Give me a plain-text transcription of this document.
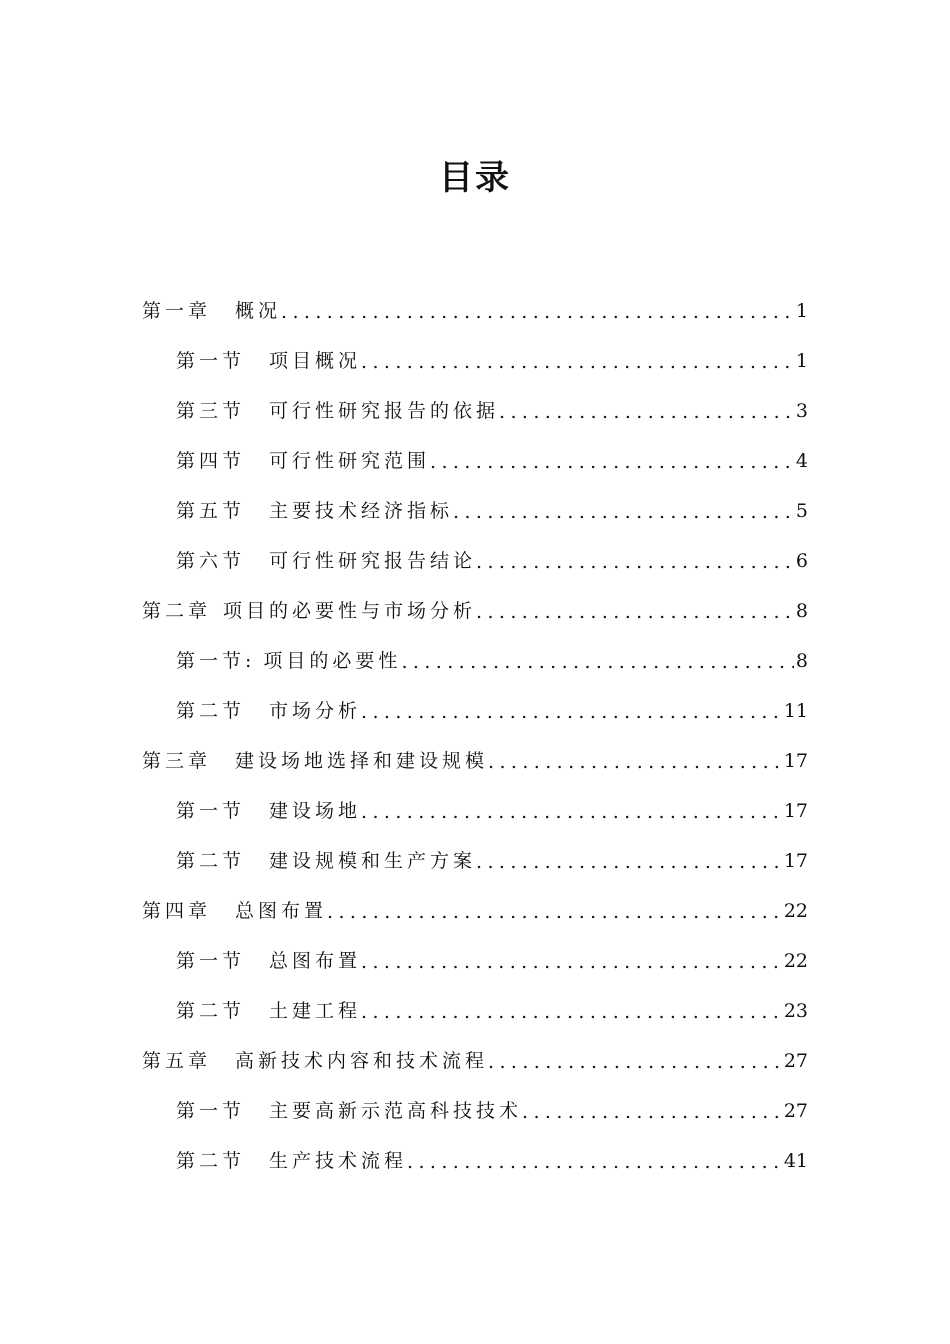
目录
第一章 概况 .....	1
第一节 项目概况 .....	1
第三节 可行性研究报告的依据 .....	3
第四节 可行性研究范围 .....	4
第五节 主要技术经济指标 .....	5
第六节 可行性研究报告结论 .....	6
第二章 项目的必要性与市场分析 .....	8
第一节 : 项目的必要性 .....	8
第二节 市场分析 .....	11
第三章 建设场地选择和建设规模 .....	17
第一节 建设场地 .....	17
第二节 建设规模和生产方案 .....	17
第四章 总图布置 .....	22
第一节 总图布置 .....	22
第二节 土建工程 .....	23
第五章 高新技术内容和技术流程 .....	27
第一节 主要高新示范高科技技术 .....	27
第二节 生产技术流程 .....	41
